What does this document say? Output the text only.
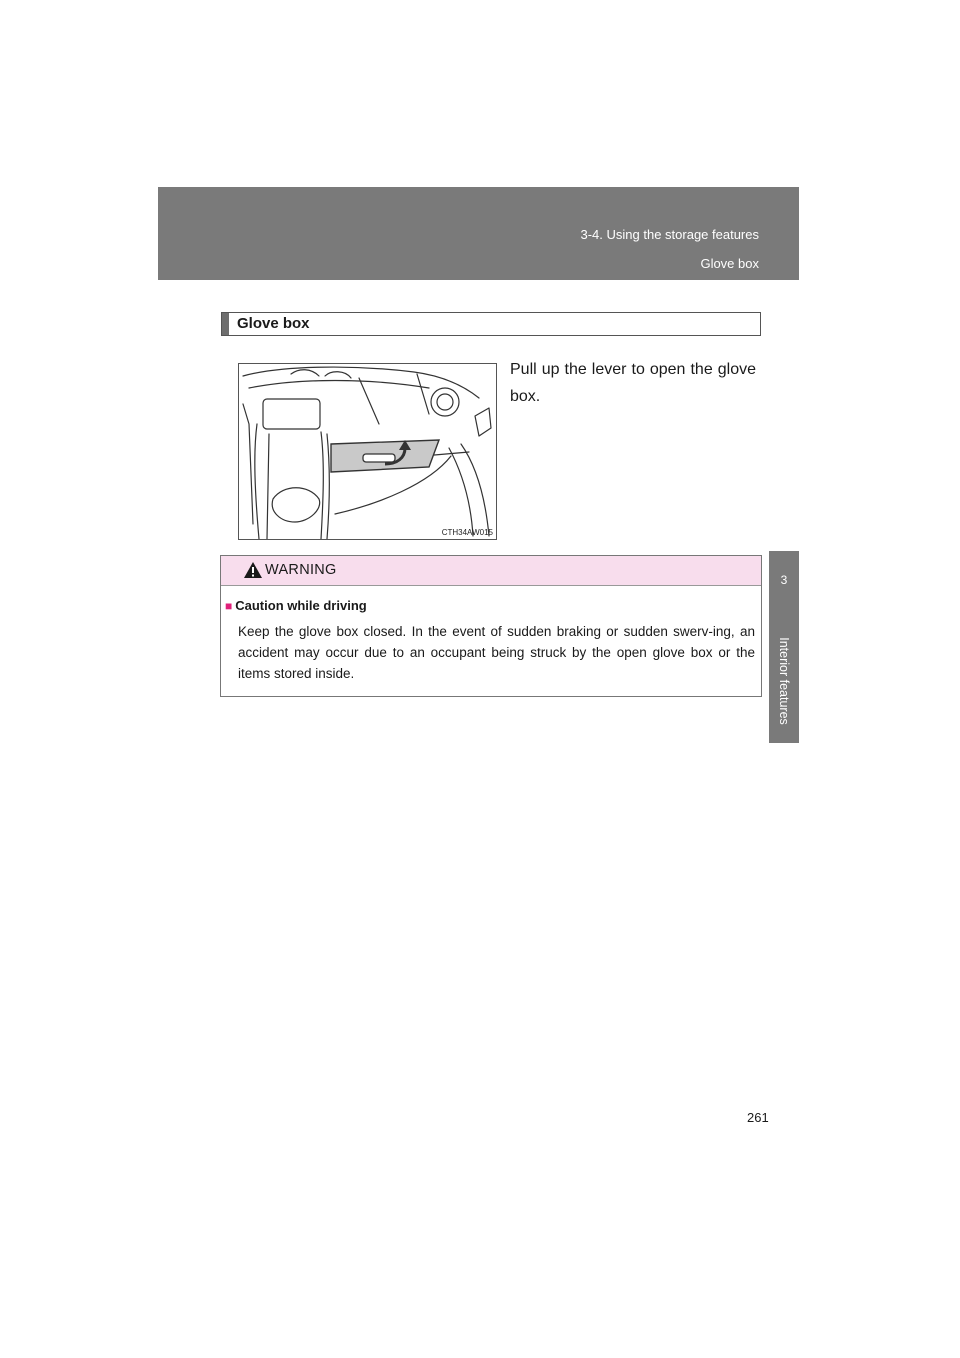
3-4. Using the storage features
Glove box
3
Interior features
Glove box
CTH34AW015
Pull up the lever to open the glove box.
WARNING
■ Caution while driving
Keep the glove box closed. In the event of sudden braking or sudden swerv-ing, an accident may occur due to an occupant being struck by the open glove box or the items stored inside.
261
